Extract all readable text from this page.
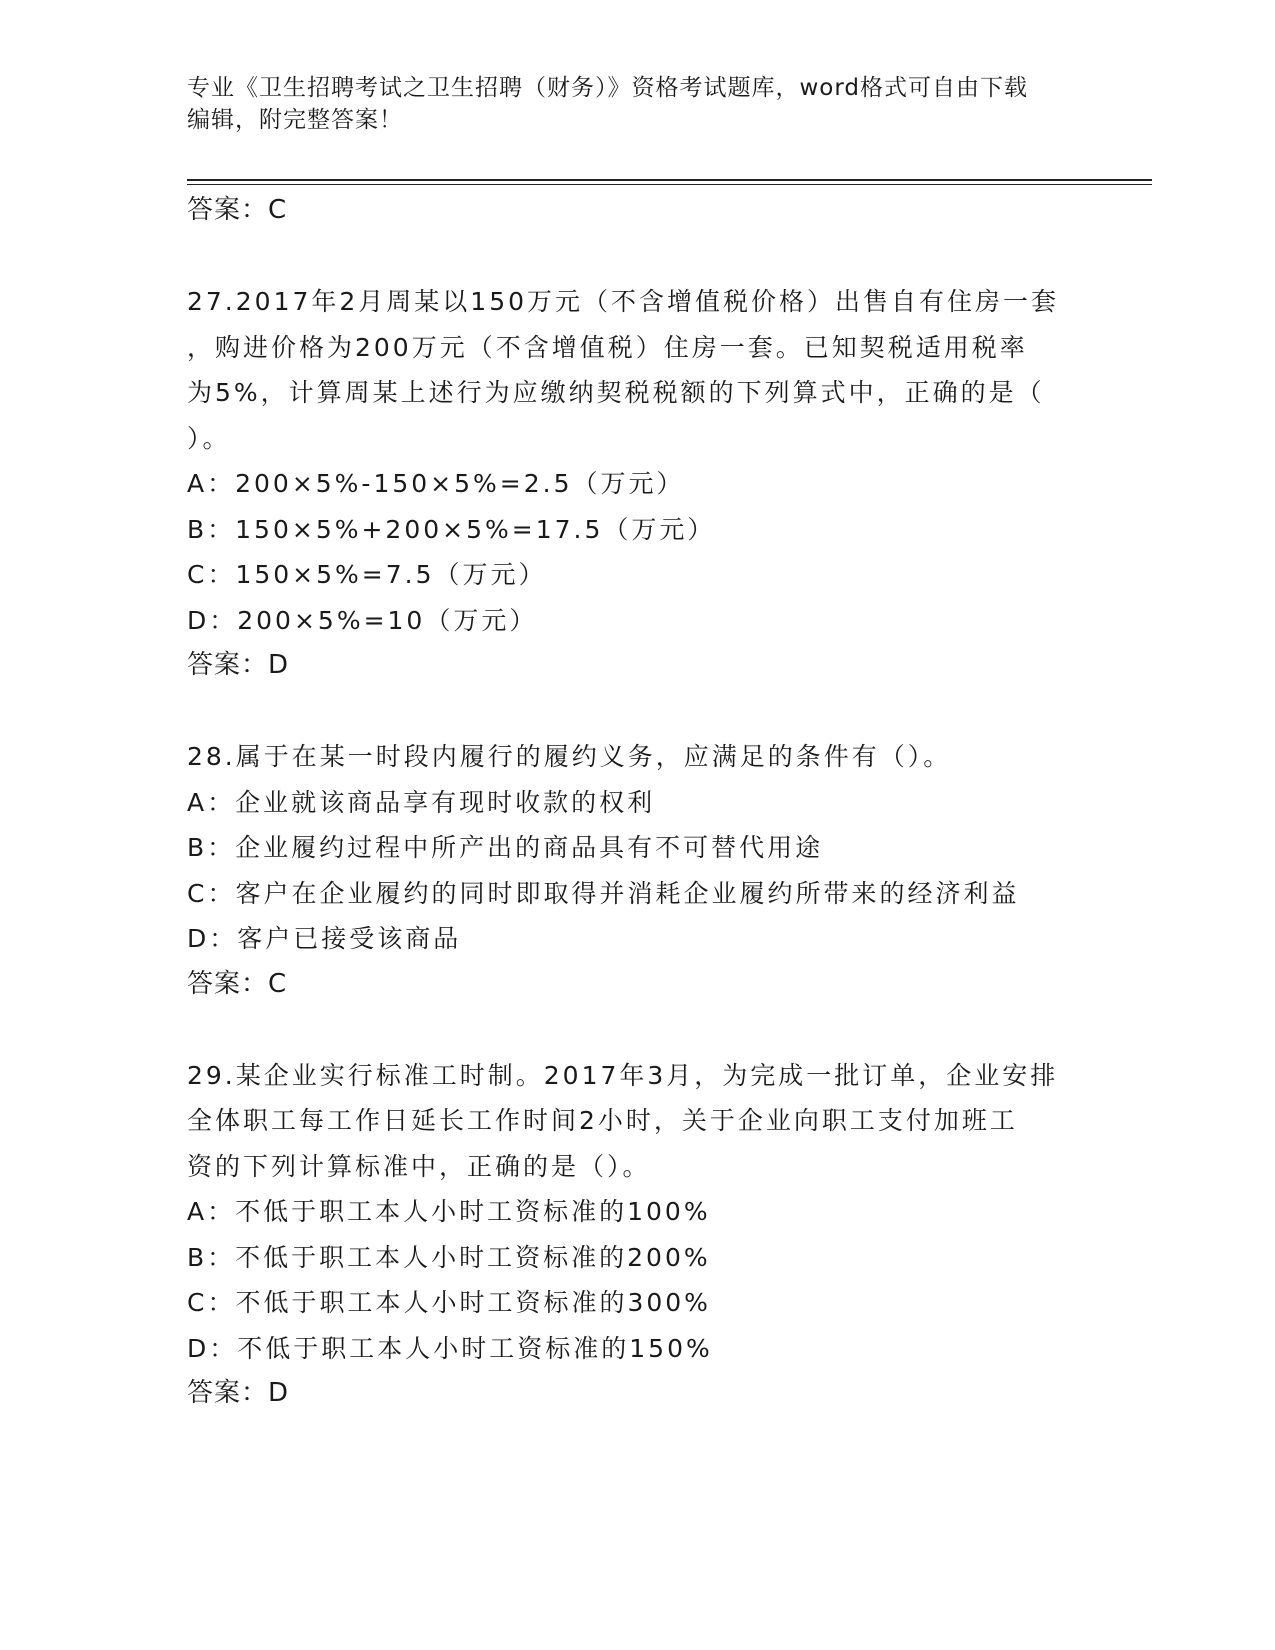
专业《卫生招聘考试之卫生招聘（财务）》资格考试题库，word格式可自由下载
编辑，附完整答案！
答案：C
27.2017年2月周某以150万元（不含增值税价格）出售自有住房一套
，购进价格为200万元（不含增值税）住房一套。已知契税适用税率
为5%，计算周某上述行为应缴纳契税税额的下列算式中，正确的是（
）。
A：200×5%-150×5%=2.5（万元）
B：150×5%+200×5%=17.5（万元）
C：150×5%=7.5（万元）
D：200×5%=10（万元）
答案：D
28.属于在某一时段内履行的履约义务，应满足的条件有（）。
A：企业就该商品享有现时收款的权利
B：企业履约过程中所产出的商品具有不可替代用途
C：客户在企业履约的同时即取得并消耗企业履约所带来的经济利益
D：客户已接受该商品
答案：C
29.某企业实行标准工时制。2017年3月，为完成一批订单，企业安排
全体职工每工作日延长工作时间2小时，关于企业向职工支付加班工
资的下列计算标准中，正确的是（）。
A：不低于职工本人小时工资标准的100%
B：不低于职工本人小时工资标准的200%
C：不低于职工本人小时工资标准的300%
D：不低于职工本人小时工资标准的150%
答案：D
